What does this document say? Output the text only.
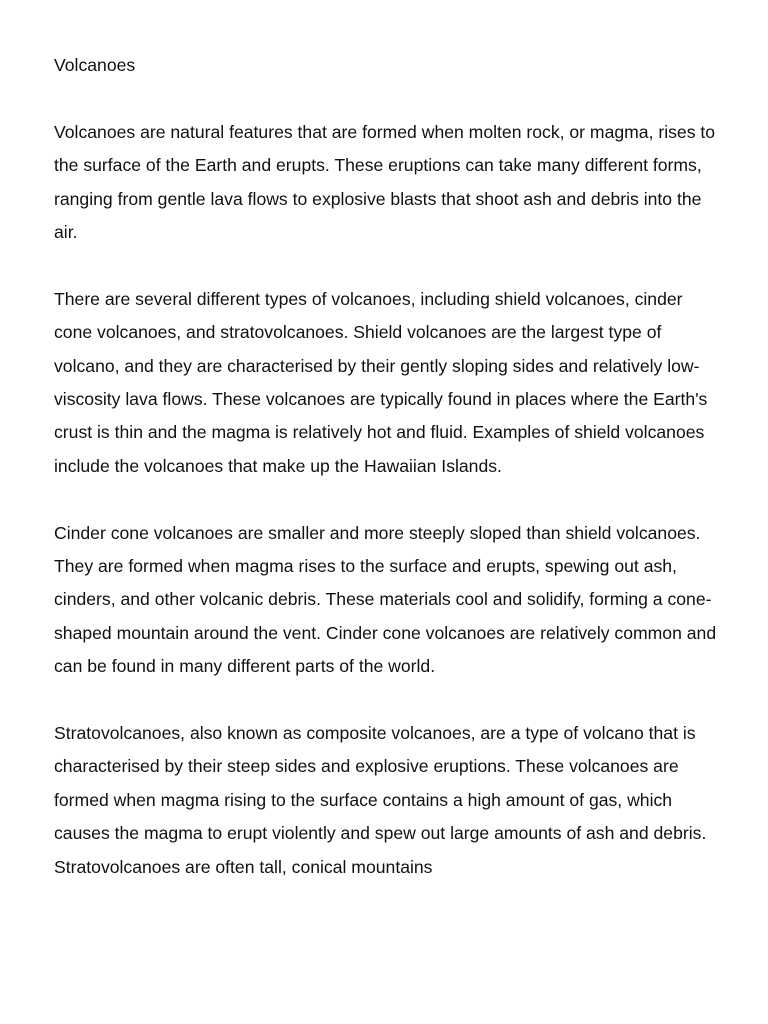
Volcanoes

Volcanoes are natural features that are formed when molten rock, or magma, rises to the surface of the Earth and erupts. These eruptions can take many different forms, ranging from gentle lava flows to explosive blasts that shoot ash and debris into the air.

There are several different types of volcanoes, including shield volcanoes, cinder cone volcanoes, and stratovolcanoes. Shield volcanoes are the largest type of volcano, and they are characterised by their gently sloping sides and relatively low-viscosity lava flows. These volcanoes are typically found in places where the Earth's crust is thin and the magma is relatively hot and fluid. Examples of shield volcanoes include the volcanoes that make up the Hawaiian Islands.

Cinder cone volcanoes are smaller and more steeply sloped than shield volcanoes. They are formed when magma rises to the surface and erupts, spewing out ash, cinders, and other volcanic debris. These materials cool and solidify, forming a cone-shaped mountain around the vent. Cinder cone volcanoes are relatively common and can be found in many different parts of the world.

Stratovolcanoes, also known as composite volcanoes, are a type of volcano that is characterised by their steep sides and explosive eruptions. These volcanoes are formed when magma rising to the surface contains a high amount of gas, which causes the magma to erupt violently and spew out large amounts of ash and debris. Stratovolcanoes are often tall, conical mountains
